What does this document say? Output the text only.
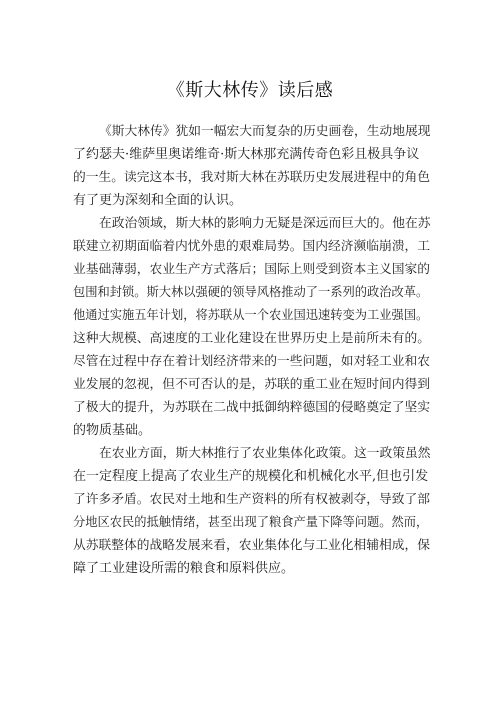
《斯大林传》读后感
《斯大林传》犹如一幅宏大而复杂的历史画卷，生动地展现
了约瑟夫·维萨里奥诺维奇·斯大林那充满传奇色彩且极具争议
的一生。读完这本书，我对斯大林在苏联历史发展进程中的角色
有了更为深刻和全面的认识。
在政治领域，斯大林的影响力无疑是深远而巨大的。他在苏
联建立初期面临着内忧外患的艰难局势。国内经济濒临崩溃，工
业基础薄弱，农业生产方式落后；国际上则受到资本主义国家的
包围和封锁。斯大林以强硬的领导风格推动了一系列的政治改革。
他通过实施五年计划，将苏联从一个农业国迅速转变为工业强国。
这种大规模、高速度的工业化建设在世界历史上是前所未有的。
尽管在过程中存在着计划经济带来的一些问题，如对轻工业和农
业发展的忽视，但不可否认的是，苏联的重工业在短时间内得到
了极大的提升，为苏联在二战中抵御纳粹德国的侵略奠定了坚实
的物质基础。
在农业方面，斯大林推行了农业集体化政策。这一政策虽然
在一定程度上提高了农业生产的规模化和机械化水平,但也引发
了许多矛盾。农民对土地和生产资料的所有权被剥夺，导致了部
分地区农民的抵触情绪，甚至出现了粮食产量下降等问题。然而，
从苏联整体的战略发展来看，农业集体化与工业化相辅相成，保
障了工业建设所需的粮食和原料供应。
